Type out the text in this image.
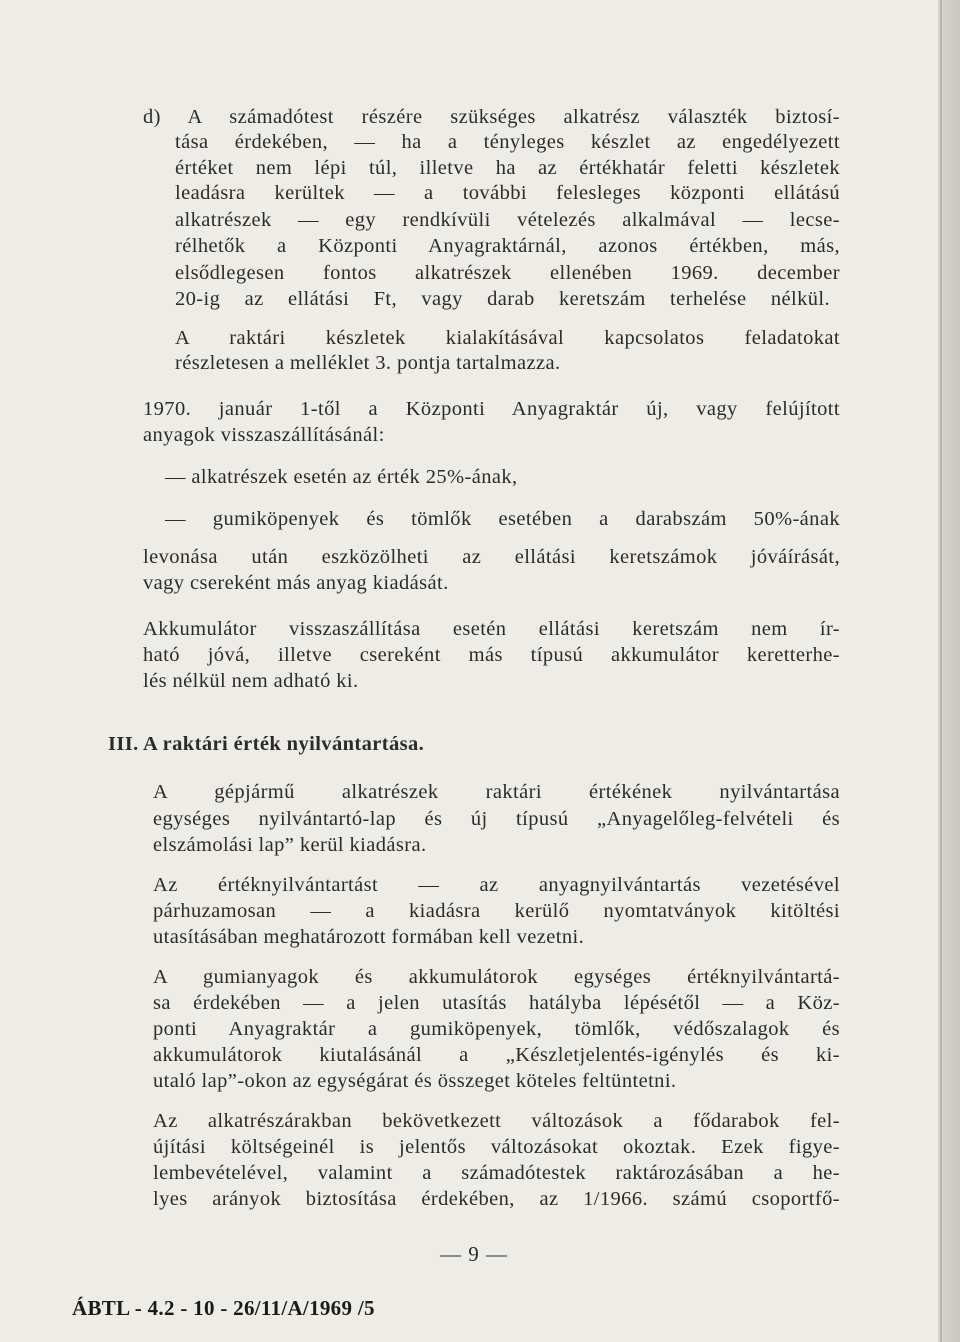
d) A számadótest részére szükséges alkatrész választék biztosí-
tása érdekében, — ha a tényleges készlet az engedélyezett
értéket nem lépi túl, illetve ha az értékhatár feletti készletek
leadásra kerültek — a további felesleges központi ellátású
alkatrészek — egy rendkívüli vételezés alkalmával — lecse-
rélhetők a Központi Anyagraktárnál, azonos értékben, más,
elsődlegesen fontos alkatrészek ellenében 1969. december
20-ig az ellátási Ft, vagy darab keretszám terhelése nélkül.
A raktári készletek kialakításával kapcsolatos feladatokat
részletesen a melléklet 3. pontja tartalmazza.
1970. január 1-től a Központi Anyagraktár új, vagy felújított
anyagok visszaszállításánál:
— alkatrészek esetén az érték 25%-ának,
— gumiköpenyek és tömlők esetében a darabszám 50%-ának
levonása után eszközölheti az ellátási keretszámok jóváírását,
vagy csereként más anyag kiadását.
Akkumulátor visszaszállítása esetén ellátási keretszám nem ír-
ható jóvá, illetve csereként más típusú akkumulátor keretterhe-
lés nélkül nem adható ki.
III. A raktári érték nyilvántartása.
A gépjármű alkatrészek raktári értékének nyilvántartása
egységes nyilvántartó-lap és új típusú „Anyagelőleg-felvételi és
elszámolási lap” kerül kiadásra.
Az értéknyilvántartást — az anyagnyilvántartás vezetésével
párhuzamosan — a kiadásra kerülő nyomtatványok kitöltési
utasításában meghatározott formában kell vezetni.
A gumianyagok és akkumulátorok egységes értéknyilvántartá-
sa érdekében — a jelen utasítás hatályba lépésétől — a Köz-
ponti Anyagraktár a gumiköpenyek, tömlők, védőszalagok és
akkumulátorok kiutalásánál a „Készletjelentés-igénylés és ki-
utaló lap”-okon az egységárat és összeget köteles feltüntetni.
Az alkatrészárakban bekövetkezett változások a fődarabok fel-
újítási költségeinél is jelentős változásokat okoztak. Ezek figye-
lembevételével, valamint a számadótestek raktározásában a he-
lyes arányok biztosítása érdekében, az 1/1966. számú csoportfő-
— 9 —
ÁBTL - 4.2 - 10 - 26/11/A/1969 /5
